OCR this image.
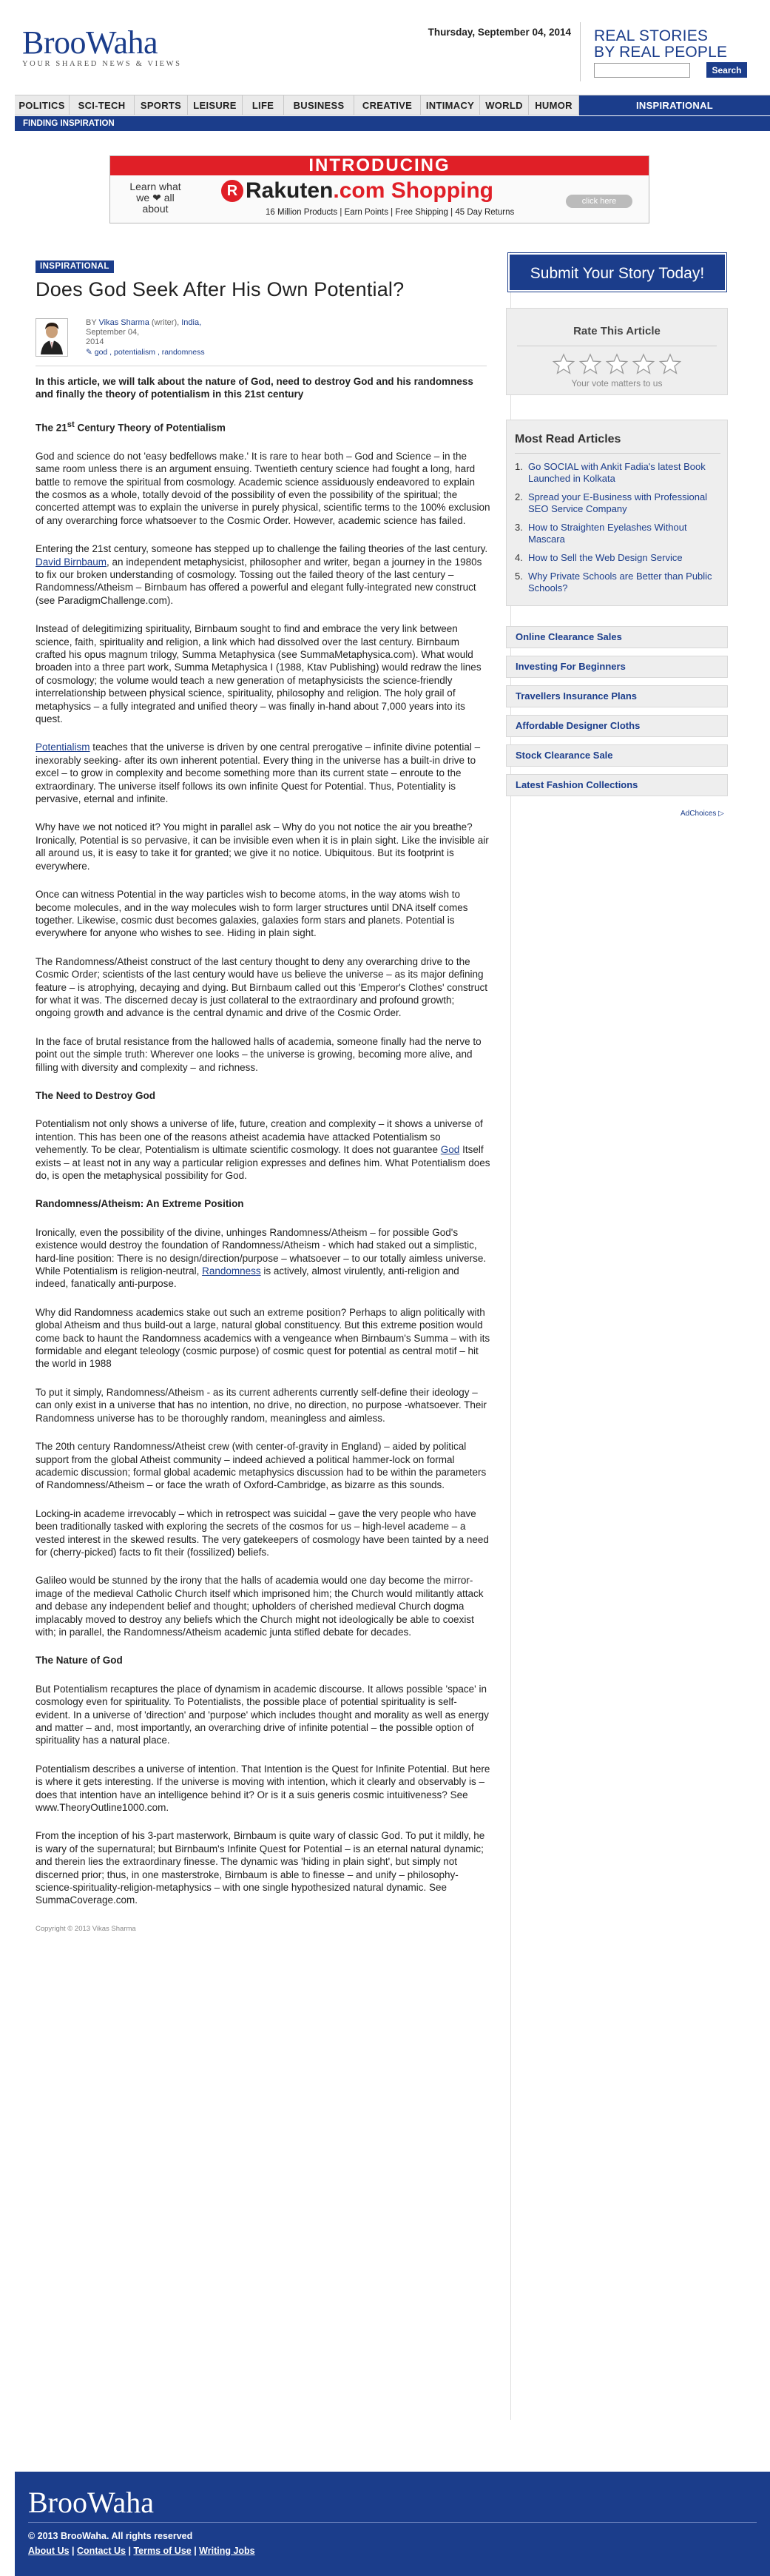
BrooWaha
YOUR SHARED NEWS & VIEWS
Thursday, September 04, 2014 REAL STORIES
BY REAL PEOPLE
Search
POLITICS	SCI-TECH	SPORTS	LEISURE	LIFE	BUSINESS	CREATIVE	INTIMACY	WORLD	HUMOR	INSPIRATIONAL
FINDING INSPIRATION
INTRODUCING
Learn what we ❤ all about
R Rakuten.com Shopping
16 Million Products | Earn Points | Free Shipping | 45 Day Returns
click here
INSPIRATIONAL
Does God Seek After His Own Potential?
BY Vikas Sharma (writer), India, September 04,
2014
✎ god , potentialism , randomness

In this article, we will talk about the nature of God, need to destroy God and his randomness and finally the theory of potentialism in this 21st century

The 21st Century Theory of Potentialism

God and science do not 'easy bedfellows make.' It is rare to hear both – God and Science – in the same room unless there is an argument ensuing. Twentieth century science had fought a long, hard battle to remove the spiritual from cosmology. Academic science assiduously endeavored to explain the cosmos as a whole, totally devoid of the possibility of even the possibility of the spiritual; the concerted attempt was to explain the universe in purely physical, scientific terms to the 100% exclusion of any overarching force whatsoever to the Cosmic Order. However, academic science has failed.

Entering the 21st century, someone has stepped up to challenge the failing theories of the last century. David Birnbaum, an independent metaphysicist, philosopher and writer, began a journey in the 1980s to fix our broken understanding of cosmology. Tossing out the failed theory of the last century – Randomness/Atheism – Birnbaum has offered a powerful and elegant fully-integrated new construct (see ParadigmChallenge.com).

Instead of delegitimizing spirituality, Birnbaum sought to find and embrace the very link between science, faith, spirituality and religion, a link which had dissolved over the last century. Birnbaum crafted his opus magnum trilogy, Summa Metaphysica (see SummaMetaphysica.com). What would broaden into a three part work, Summa Metaphysica I (1988, Ktav Publishing) would redraw the lines of cosmology; the volume would teach a new generation of metaphysicists the science-friendly interrelationship between physical science, spirituality, philosophy and religion. The holy grail of metaphysics – a fully integrated and unified theory – was finally in-hand about 7,000 years into its quest.

Potentialism teaches that the universe is driven by one central prerogative – infinite divine potential – inexorably seeking- after its own inherent potential. Every thing in the universe has a built-in drive to excel – to grow in complexity and become something more than its current state – enroute to the extraordinary. The universe itself follows its own infinite Quest for Potential. Thus, Potentiality is pervasive, eternal and infinite.

Why have we not noticed it? You might in parallel ask – Why do you not notice the air you breathe? Ironically, Potential is so pervasive, it can be invisible even when it is in plain sight. Like the invisible air all around us, it is easy to take it for granted; we give it no notice. Ubiquitous. But its footprint is everywhere.

Once can witness Potential in the way particles wish to become atoms, in the way atoms wish to become molecules, and in the way molecules wish to form larger structures until DNA itself comes together. Likewise, cosmic dust becomes galaxies, galaxies form stars and planets. Potential is everywhere for anyone who wishes to see. Hiding in plain sight.

The Randomness/Atheist construct of the last century thought to deny any overarching drive to the Cosmic Order; scientists of the last century would have us believe the universe – as its major defining feature – is atrophying, decaying and dying. But Birnbaum called out this 'Emperor's Clothes' construct for what it was. The discerned decay is just collateral to the extraordinary and profound growth; ongoing growth and advance is the central dynamic and drive of the Cosmic Order.

In the face of brutal resistance from the hallowed halls of academia, someone finally had the nerve to point out the simple truth: Wherever one looks – the universe is growing, becoming more alive, and filling with diversity and complexity – and richness.

The Need to Destroy God

Potentialism not only shows a universe of life, future, creation and complexity – it shows a universe of intention. This has been one of the reasons atheist academia have attacked Potentialism so vehemently. To be clear, Potentialism is ultimate scientific cosmology. It does not guarantee God Itself exists – at least not in any way a particular religion expresses and defines him. What Potentialism does do, is open the metaphysical possibility for God.

Randomness/Atheism: An Extreme Position

Ironically, even the possibility of the divine, unhinges Randomness/Atheism – for possible God's existence would destroy the foundation of Randomness/Atheism - which had staked out a simplistic, hard-line position: There is no design/direction/purpose – whatsoever – to our totally aimless universe. While Potentialism is religion-neutral, Randomness is actively, almost virulently, anti-religion and indeed, fanatically anti-purpose.

Why did Randomness academics stake out such an extreme position? Perhaps to align politically with global Atheism and thus build-out a large, natural global constituency. But this extreme position would come back to haunt the Randomness academics with a vengeance when Birnbaum's Summa – with its formidable and elegant teleology (cosmic purpose) of cosmic quest for potential as central motif – hit the world in 1988

To put it simply, Randomness/Atheism - as its current adherents currently self-define their ideology – can only exist in a universe that has no intention, no drive, no direction, no purpose -whatsoever. Their Randomness universe has to be thoroughly random, meaningless and aimless.

The 20th century Randomness/Atheist crew (with center-of-gravity in England) – aided by political support from the global Atheist community – indeed achieved a political hammer-lock on formal academic discussion; formal global academic metaphysics discussion had to be within the parameters of Randomness/Atheism – or face the wrath of Oxford-Cambridge, as bizarre as this sounds.

Locking-in academe irrevocably – which in retrospect was suicidal – gave the very people who have been traditionally tasked with exploring the secrets of the cosmos for us – high-level academe – a vested interest in the skewed results. The very gatekeepers of cosmology have been tainted by a need for (cherry-picked) facts to fit their (fossilized) beliefs.

Galileo would be stunned by the irony that the halls of academia would one day become the mirror-image of the medieval Catholic Church itself which imprisoned him; the Church would militantly attack and debase any independent belief and thought; upholders of cherished medieval Church dogma implacably moved to destroy any beliefs which the Church might not ideologically be able to coexist with; in parallel, the Randomness/Atheism academic junta stifled debate for decades.

The Nature of God

But Potentialism recaptures the place of dynamism in academic discourse. It allows possible 'space' in cosmology even for spirituality. To Potentialists, the possible place of potential spirituality is self-evident. In a universe of 'direction' and 'purpose' which includes thought and morality as well as energy and matter – and, most importantly, an overarching drive of infinite potential – the possible option of spirituality has a natural place.

Potentialism describes a universe of intention. That Intention is the Quest for Infinite Potential. But here is where it gets interesting. If the universe is moving with intention, which it clearly and observably is – does that intention have an intelligence behind it? Or is it a suis generis cosmic intuitiveness? See www.TheoryOutline1000.com.

From the inception of his 3-part masterwork, Birnbaum is quite wary of classic God. To put it mildly, he is wary of the supernatural; but Birnbaum's Infinite Quest for Potential – is an eternal natural dynamic; and therein lies the extraordinary finesse. The dynamic was 'hiding in plain sight', but simply not discerned prior; thus, in one masterstroke, Birnbaum is able to finesse – and unify – philosophy- science-spirituality-religion-metaphysics – with one single hypothesized natural dynamic. See SummaCoverage.com.

Copyright © 2013 Vikas Sharma
Submit Your Story Today!
Rate This Article
Your vote matters to us
Most Read Articles
1. Go SOCIAL with Ankit Fadia's latest Book Launched in Kolkata
2. Spread your E-Business with Professional SEO Service Company
3. How to Straighten Eyelashes Without Mascara
4. How to Sell the Web Design Service
5. Why Private Schools are Better than Public Schools?
Online Clearance Sales
Investing For Beginners
Travellers Insurance Plans
Affordable Designer Cloths
Stock Clearance Sale
Latest Fashion Collections
AdChoices ▷
BrooWaha
© 2013 BrooWaha. All rights reserved
About Us | Contact Us | Terms of Use | Writing Jobs
